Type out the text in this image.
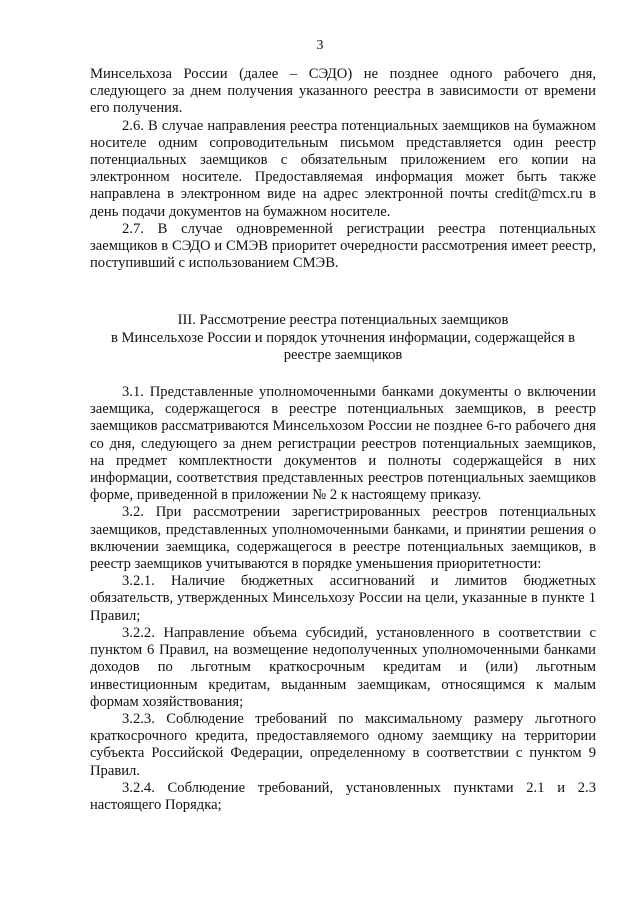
3

Минсельхоза России (далее – СЭДО) не позднее одного рабочего дня, следующего за днем получения указанного реестра в зависимости от времени его получения.

2.6. В случае направления реестра потенциальных заемщиков на бумажном носителе одним сопроводительным письмом представляется один реестр потенциальных заемщиков с обязательным приложением его копии на электронном носителе. Предоставляемая информация может быть также направлена в электронном виде на адрес электронной почты credit@mcx.ru в день подачи документов на бумажном носителе.

2.7. В случае одновременной регистрации реестра потенциальных заемщиков в СЭДО и СМЭВ приоритет очередности рассмотрения имеет реестр, поступивший с использованием СМЭВ.

III. Рассмотрение реестра потенциальных заемщиков
в Минсельхозе России и порядок уточнения информации, содержащейся в
реестре заемщиков

3.1. Представленные уполномоченными банками документы о включении заемщика, содержащегося в реестре потенциальных заемщиков, в реестр заемщиков рассматриваются Минсельхозом России не позднее 6-го рабочего дня со дня, следующего за днем регистрации реестров потенциальных заемщиков, на предмет комплектности документов и полноты содержащейся в них информации, соответствия представленных реестров потенциальных заемщиков форме, приведенной в приложении № 2 к настоящему приказу.

3.2. При рассмотрении зарегистрированных реестров потенциальных заемщиков, представленных уполномоченными банками, и принятии решения о включении заемщика, содержащегося в реестре потенциальных заемщиков, в реестр заемщиков учитываются в порядке уменьшения приоритетности:

3.2.1. Наличие бюджетных ассигнований и лимитов бюджетных обязательств, утвержденных Минсельхозу России на цели, указанные в пункте 1 Правил;

3.2.2. Направление объема субсидий, установленного в соответствии с пунктом 6 Правил, на возмещение недополученных уполномоченными банками доходов по льготным краткосрочным кредитам и (или) льготным инвестиционным кредитам, выданным заемщикам, относящимся к малым формам хозяйствования;

3.2.3. Соблюдение требований по максимальному размеру льготного краткосрочного кредита, предоставляемого одному заемщику на территории субъекта Российской Федерации, определенному в соответствии с пунктом 9 Правил.

3.2.4. Соблюдение требований, установленных пунктами 2.1 и 2.3 настоящего Порядка;
